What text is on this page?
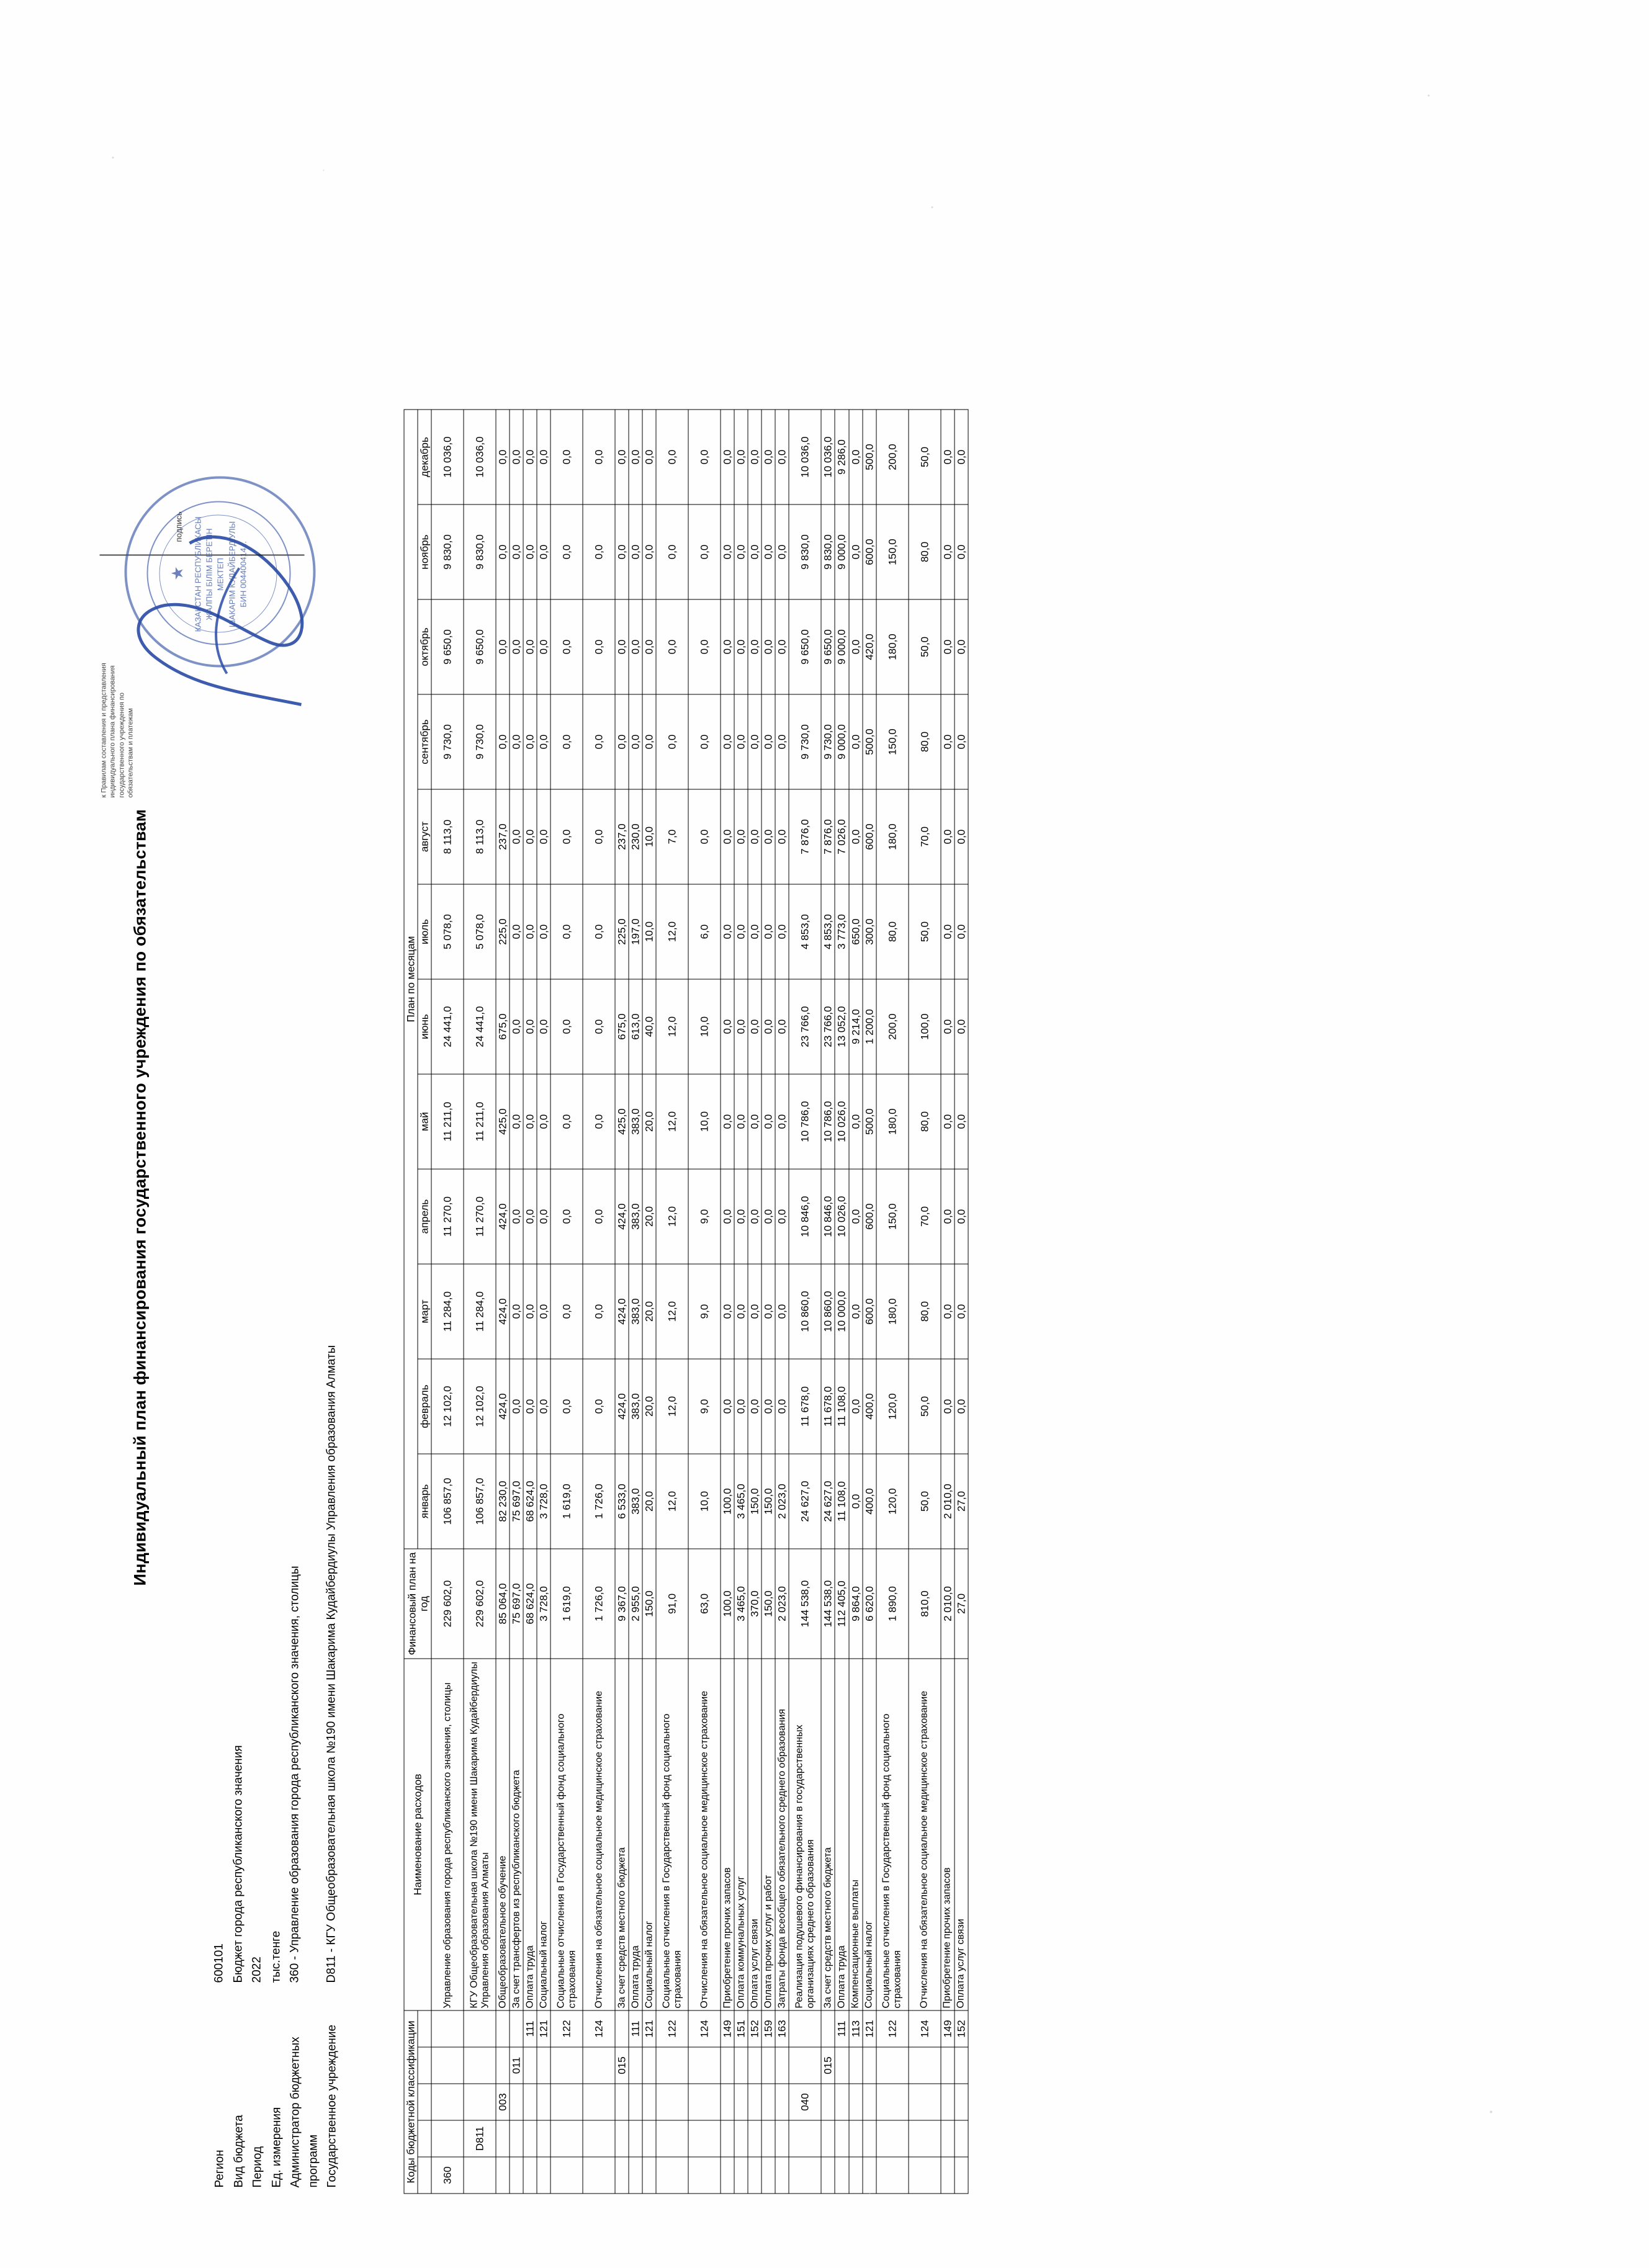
Индивидуальный план финансирования государственного учреждения по обязательствам
Регион
600101
Вид бюджета
Бюджет города республиканского значения
Период
2022
Ед. измерения
тыс.тенге
Администратор бюджетных программ
360 - Управление образования города республиканского значения, столицы
Государственное учреждение
D811 - КГУ Общеобразовательная школа №190 имени Шакарима Кудайбердиулы Управления образования Алматы
к Правилам составления и представления индивидуального плана финансирования государственного учреждения по обязательствам и платежам
подпись
★ КАЗАКСТАН РЕСПУБЛИКАСЫ ЖАЛПЫ БІЛІМ БЕРЕТІН МЕКТЕП ШАКАРІМ КУДАЙБЕРДІУЛЫ БИН 004400414...
Коды бюджетной классификации					Наименование расходов	Финансовый план на год	План по месяцам											
							январь	февраль	март	апрель	май	июнь	июль	август	сентябрь	октябрь	ноябрь	декабрь
360					Управление образования города республиканского значения, столицы	229 602,0	106 857,0	12 102,0	11 284,0	11 270,0	11 211,0	24 441,0	5 078,0	8 113,0	9 730,0	9 650,0	9 830,0	10 036,0
	D811				КГУ Общеобразовательная школа №190 имени Шакарима Кудайбердиулы Управления образования Алматы	229 602,0	106 857,0	12 102,0	11 284,0	11 270,0	11 211,0	24 441,0	5 078,0	8 113,0	9 730,0	9 650,0	9 830,0	10 036,0
		003			Общеобразовательное обучение	85 064,0	82 230,0	424,0	424,0	424,0	425,0	675,0	225,0	237,0	0,0	0,0	0,0	0,0
			011		За счет трансфертов из республиканского бюджета	75 697,0	75 697,0	0,0	0,0	0,0	0,0	0,0	0,0	0,0	0,0	0,0	0,0	0,0
				111	Оплата труда	68 624,0	68 624,0	0,0	0,0	0,0	0,0	0,0	0,0	0,0	0,0	0,0	0,0	0,0
				121	Социальный налог	3 728,0	3 728,0	0,0	0,0	0,0	0,0	0,0	0,0	0,0	0,0	0,0	0,0	0,0
				122	Социальные отчисления в Государственный фонд социального страхования	1 619,0	1 619,0	0,0	0,0	0,0	0,0	0,0	0,0	0,0	0,0	0,0	0,0	0,0
				124	Отчисления на обязательное социальное медицинское страхование	1 726,0	1 726,0	0,0	0,0	0,0	0,0	0,0	0,0	0,0	0,0	0,0	0,0	0,0
			015		За счет средств местного бюджета	9 367,0	6 533,0	424,0	424,0	424,0	425,0	675,0	225,0	237,0	0,0	0,0	0,0	0,0
				111	Оплата труда	2 955,0	383,0	383,0	383,0	383,0	383,0	613,0	197,0	230,0	0,0	0,0	0,0	0,0
				121	Социальный налог	150,0	20,0	20,0	20,0	20,0	20,0	40,0	10,0	10,0	0,0	0,0	0,0	0,0
				122	Социальные отчисления в Государственный фонд социального страхования	91,0	12,0	12,0	12,0	12,0	12,0	12,0	12,0	7,0	0,0	0,0	0,0	0,0
				124	Отчисления на обязательное социальное медицинское страхование	63,0	10,0	9,0	9,0	9,0	10,0	10,0	6,0	0,0	0,0	0,0	0,0	0,0
				149	Приобретение прочих запасов	100,0	100,0	0,0	0,0	0,0	0,0	0,0	0,0	0,0	0,0	0,0	0,0	0,0
				151	Оплата коммунальных услуг	3 465,0	3 465,0	0,0	0,0	0,0	0,0	0,0	0,0	0,0	0,0	0,0	0,0	0,0
				152	Оплата услуг связи	370,0	150,0	0,0	0,0	0,0	0,0	0,0	0,0	0,0	0,0	0,0	0,0	0,0
				159	Оплата прочих услуг и работ	150,0	150,0	0,0	0,0	0,0	0,0	0,0	0,0	0,0	0,0	0,0	0,0	0,0
				163	Затраты фонда всеобщего обязательного среднего образования	2 023,0	2 023,0	0,0	0,0	0,0	0,0	0,0	0,0	0,0	0,0	0,0	0,0	0,0
		040			Реализация подушевого финансирования в государственных организациях среднего образования	144 538,0	24 627,0	11 678,0	10 860,0	10 846,0	10 786,0	23 766,0	4 853,0	7 876,0	9 730,0	9 650,0	9 830,0	10 036,0
			015		За счет средств местного бюджета	144 538,0	24 627,0	11 678,0	10 860,0	10 846,0	10 786,0	23 766,0	4 853,0	7 876,0	9 730,0	9 650,0	9 830,0	10 036,0
				111	Оплата труда	112 405,0	11 108,0	11 108,0	10 000,0	10 026,0	10 026,0	13 052,0	3 773,0	7 026,0	9 000,0	9 000,0	9 000,0	9 286,0
				113	Компенсационные выплаты	9 864,0	0,0	0,0	0,0	0,0	0,0	9 214,0	650,0	0,0	0,0	0,0	0,0	0,0
				121	Социальный налог	6 620,0	400,0	400,0	600,0	600,0	500,0	1 200,0	300,0	600,0	500,0	420,0	600,0	500,0
				122	Социальные отчисления в Государственный фонд социального страхования	1 890,0	120,0	120,0	180,0	150,0	180,0	200,0	80,0	180,0	150,0	180,0	150,0	200,0
				124	Отчисления на обязательное социальное медицинское страхование	810,0	50,0	50,0	80,0	70,0	80,0	100,0	50,0	70,0	80,0	50,0	80,0	50,0
				149	Приобретение прочих запасов	2 010,0	2 010,0	0,0	0,0	0,0	0,0	0,0	0,0	0,0	0,0	0,0	0,0	0,0
				152	Оплата услуг связи	27,0	27,0	0,0	0,0	0,0	0,0	0,0	0,0	0,0	0,0	0,0	0,0	0,0
